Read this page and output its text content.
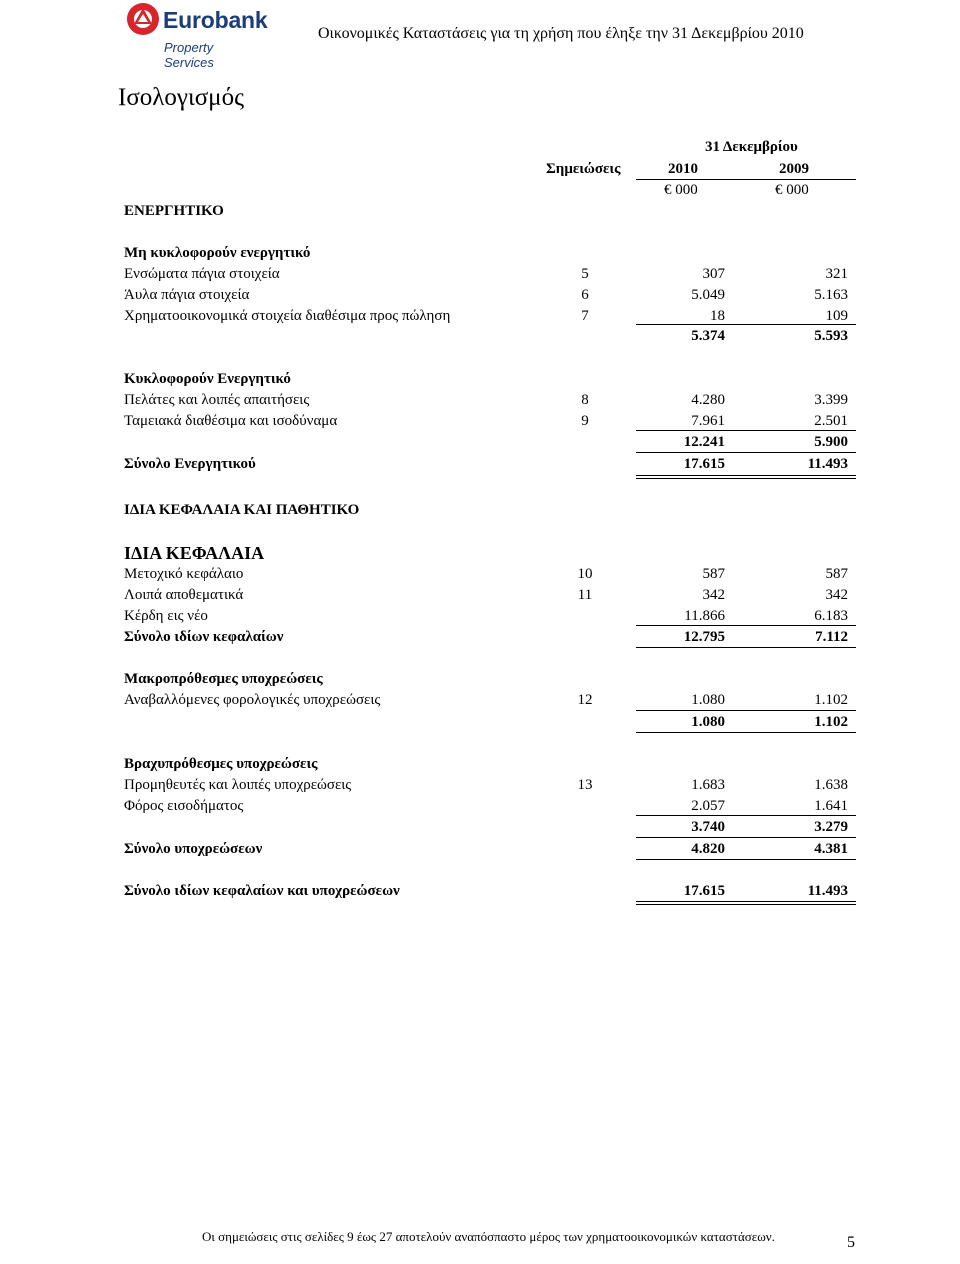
Eurobank
Property Services
Οικονομικές Καταστάσεις για τη χρήση που έληξε την 31 Δεκεμβρίου 2010
Ισολογισμός
31 Δεκεμβρίου
Σημειώσεις	2010	2009
€ 000	€ 000
ΕΝΕΡΓΗΤΙΚΟ
Μη κυκλοφορούν ενεργητικό
Ενσώματα πάγια στοιχεία	5	307	321
Άυλα πάγια στοιχεία	6	5.049	5.163
Χρηματοοικονομικά στοιχεία διαθέσιμα προς πώληση	7	18	109
5.374	5.593
Κυκλοφορούν Ενεργητικό
Πελάτες και λοιπές απαιτήσεις	8	4.280	3.399
Ταμειακά διαθέσιμα και ισοδύναμα	9	7.961	2.501
12.241	5.900
Σύνολο Ενεργητικού	17.615	11.493
ΙΔΙΑ ΚΕΦΑΛΑΙΑ ΚΑΙ ΠΑΘΗΤΙΚΟ
ΙΔΙΑ ΚΕΦΑΛΑΙΑ
Μετοχικό κεφάλαιο	10	587	587
Λοιπά αποθεματικά	11	342	342
Κέρδη εις νέο	11.866	6.183
Σύνολο ιδίων κεφαλαίων	12.795	7.112
Μακροπρόθεσμες υποχρεώσεις
Αναβαλλόμενες φορολογικές υποχρεώσεις	12	1.080	1.102
1.080	1.102
Βραχυπρόθεσμες υποχρεώσεις
Προμηθευτές και λοιπές υποχρεώσεις	13	1.683	1.638
Φόρος εισοδήματος	2.057	1.641
3.740	3.279
Σύνολο υποχρεώσεων	4.820	4.381
Σύνολο ιδίων κεφαλαίων και υποχρεώσεων	17.615	11.493
Οι σημειώσεις στις σελίδες 9 έως 27 αποτελούν αναπόσπαστο μέρος των χρηματοοικονομικών καταστάσεων.	5
